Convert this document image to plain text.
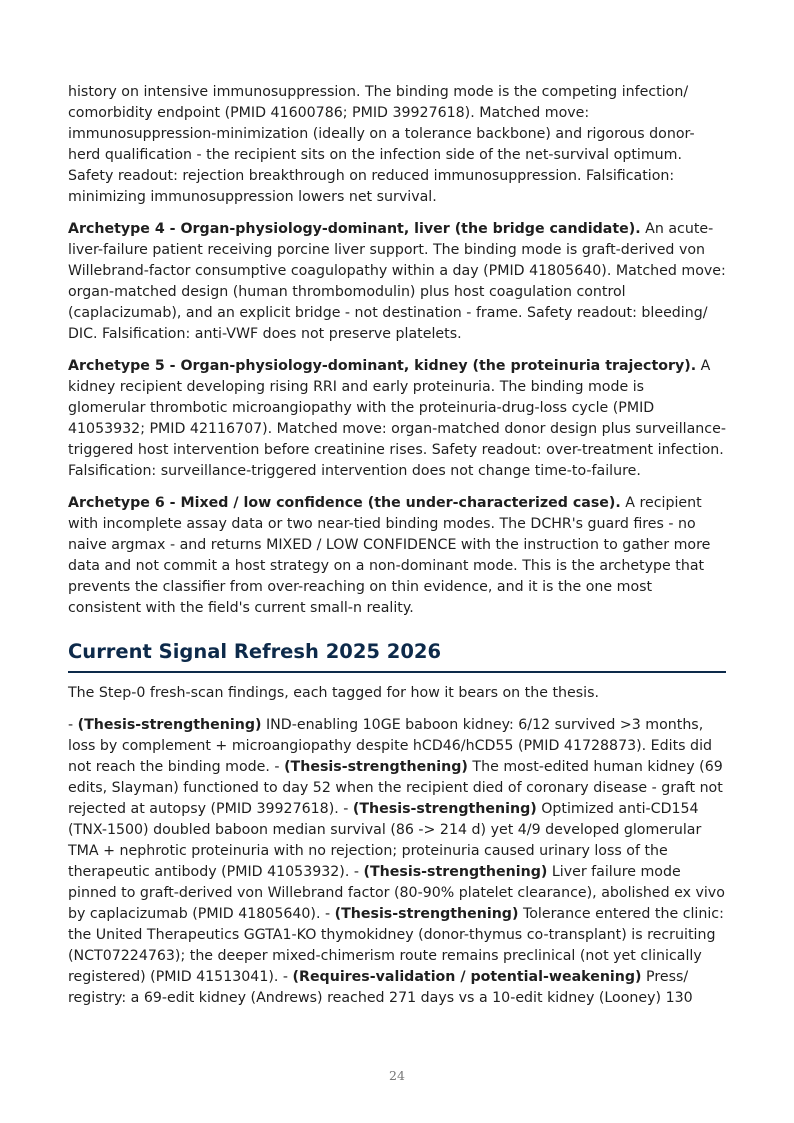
history on intensive immunosuppression. The binding mode is the competing infection/ comorbidity endpoint (PMID 41600786; PMID 39927618). Matched move: immunosuppression-minimization (ideally on a tolerance backbone) and rigorous donor-herd qualification - the recipient sits on the infection side of the net-survival optimum. Safety readout: rejection breakthrough on reduced immunosuppression. Falsification: minimizing immunosuppression lowers net survival.

Archetype 4 - Organ-physiology-dominant, liver (the bridge candidate). An acute-liver-failure patient receiving porcine liver support. The binding mode is graft-derived von Willebrand-factor consumptive coagulopathy within a day (PMID 41805640). Matched move: organ-matched design (human thrombomodulin) plus host coagulation control (caplacizumab), and an explicit bridge - not destination - frame. Safety readout: bleeding/ DIC. Falsification: anti-VWF does not preserve platelets.

Archetype 5 - Organ-physiology-dominant, kidney (the proteinuria trajectory). A kidney recipient developing rising RRI and early proteinuria. The binding mode is glomerular thrombotic microangiopathy with the proteinuria-drug-loss cycle (PMID 41053932; PMID 42116707). Matched move: organ-matched donor design plus surveillance-triggered host intervention before creatinine rises. Safety readout: over-treatment infection. Falsification: surveillance-triggered intervention does not change time-to-failure.

Archetype 6 - Mixed / low confidence (the under-characterized case). A recipient with incomplete assay data or two near-tied binding modes. The DCHR's guard fires - no naive argmax - and returns MIXED / LOW CONFIDENCE with the instruction to gather more data and not commit a host strategy on a non-dominant mode. This is the archetype that prevents the classifier from over-reaching on thin evidence, and it is the one most consistent with the field's current small-n reality.

Current Signal Refresh 2025 2026

The Step-0 fresh-scan findings, each tagged for how it bears on the thesis.

- (Thesis-strengthening) IND-enabling 10GE baboon kidney: 6/12 survived >3 months, loss by complement + microangiopathy despite hCD46/hCD55 (PMID 41728873). Edits did not reach the binding mode. - (Thesis-strengthening) The most-edited human kidney (69 edits, Slayman) functioned to day 52 when the recipient died of coronary disease - graft not rejected at autopsy (PMID 39927618). - (Thesis-strengthening) Optimized anti-CD154 (TNX-1500) doubled baboon median survival (86 -> 214 d) yet 4/9 developed glomerular TMA + nephrotic proteinuria with no rejection; proteinuria caused urinary loss of the therapeutic antibody (PMID 41053932). - (Thesis-strengthening) Liver failure mode pinned to graft-derived von Willebrand factor (80-90% platelet clearance), abolished ex vivo by caplacizumab (PMID 41805640). - (Thesis-strengthening) Tolerance entered the clinic: the United Therapeutics GGTA1-KO thymokidney (donor-thymus co-transplant) is recruiting (NCT07224763); the deeper mixed-chimerism route remains preclinical (not yet clinically registered) (PMID 41513041). - (Requires-validation / potential-weakening) Press/ registry: a 69-edit kidney (Andrews) reached 271 days vs a 10-edit kidney (Looney) 130

24
